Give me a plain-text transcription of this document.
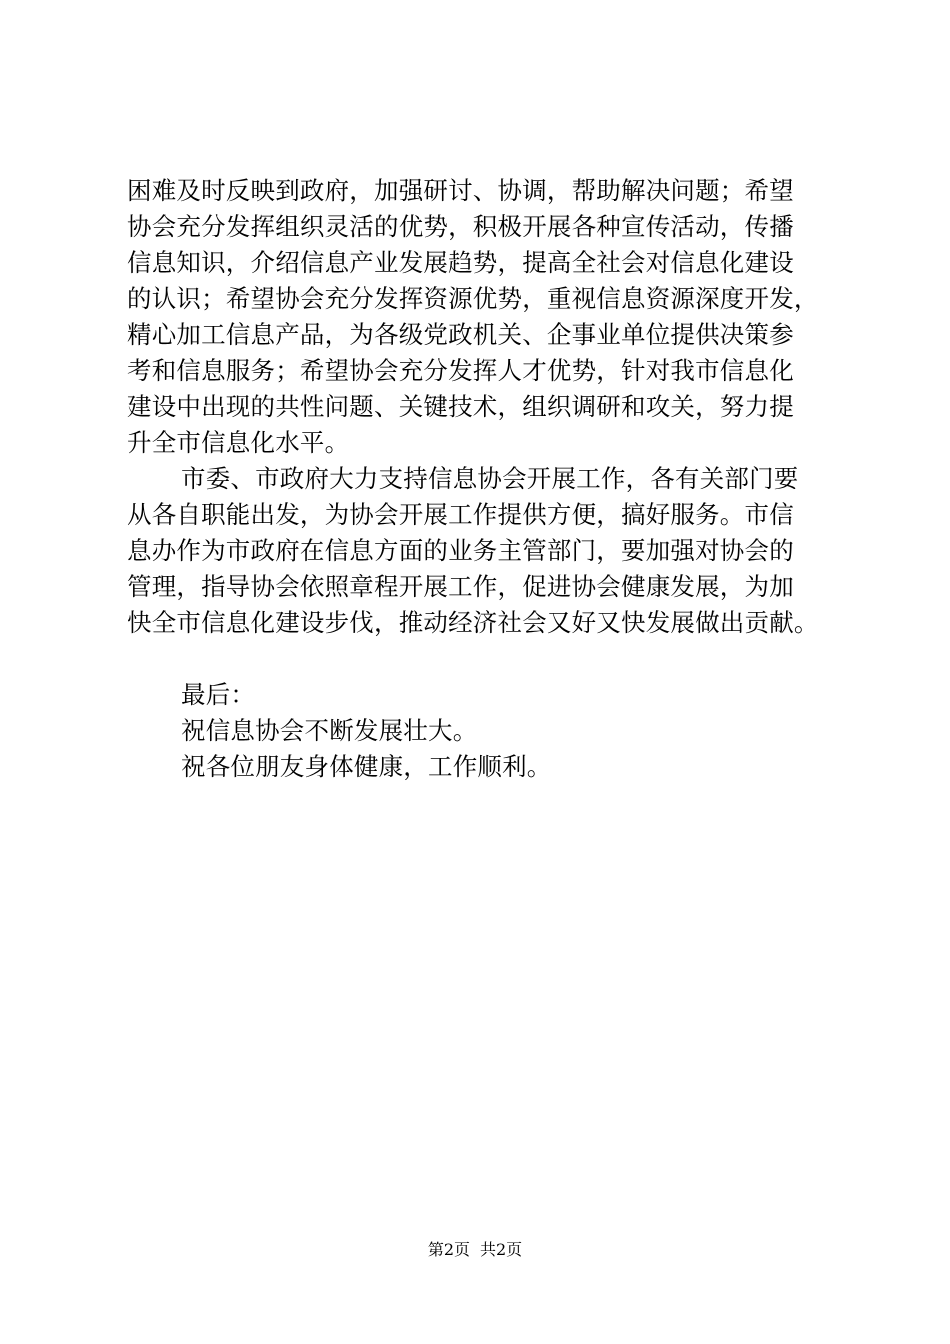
困难及时反映到政府，加强研讨、协调，帮助解决问题；希望
协会充分发挥组织灵活的优势，积极开展各种宣传活动，传播
信息知识，介绍信息产业发展趋势，提高全社会对信息化建设
的认识；希望协会充分发挥资源优势，重视信息资源深度开发，
精心加工信息产品，为各级党政机关、企事业单位提供决策参
考和信息服务；希望协会充分发挥人才优势，针对我市信息化
建设中出现的共性问题、关键技术，组织调研和攻关，努力提
升全市信息化水平。
市委、市政府大力支持信息协会开展工作，各有关部门要
从各自职能出发，为协会开展工作提供方便，搞好服务。市信
息办作为市政府在信息方面的业务主管部门，要加强对协会的
管理，指导协会依照章程开展工作，促进协会健康发展，为加
快全市信息化建设步伐，推动经济社会又好又快发展做出贡献。
最后：
祝信息协会不断发展壮大。
祝各位朋友身体健康，工作顺利。
第2页 共2页
